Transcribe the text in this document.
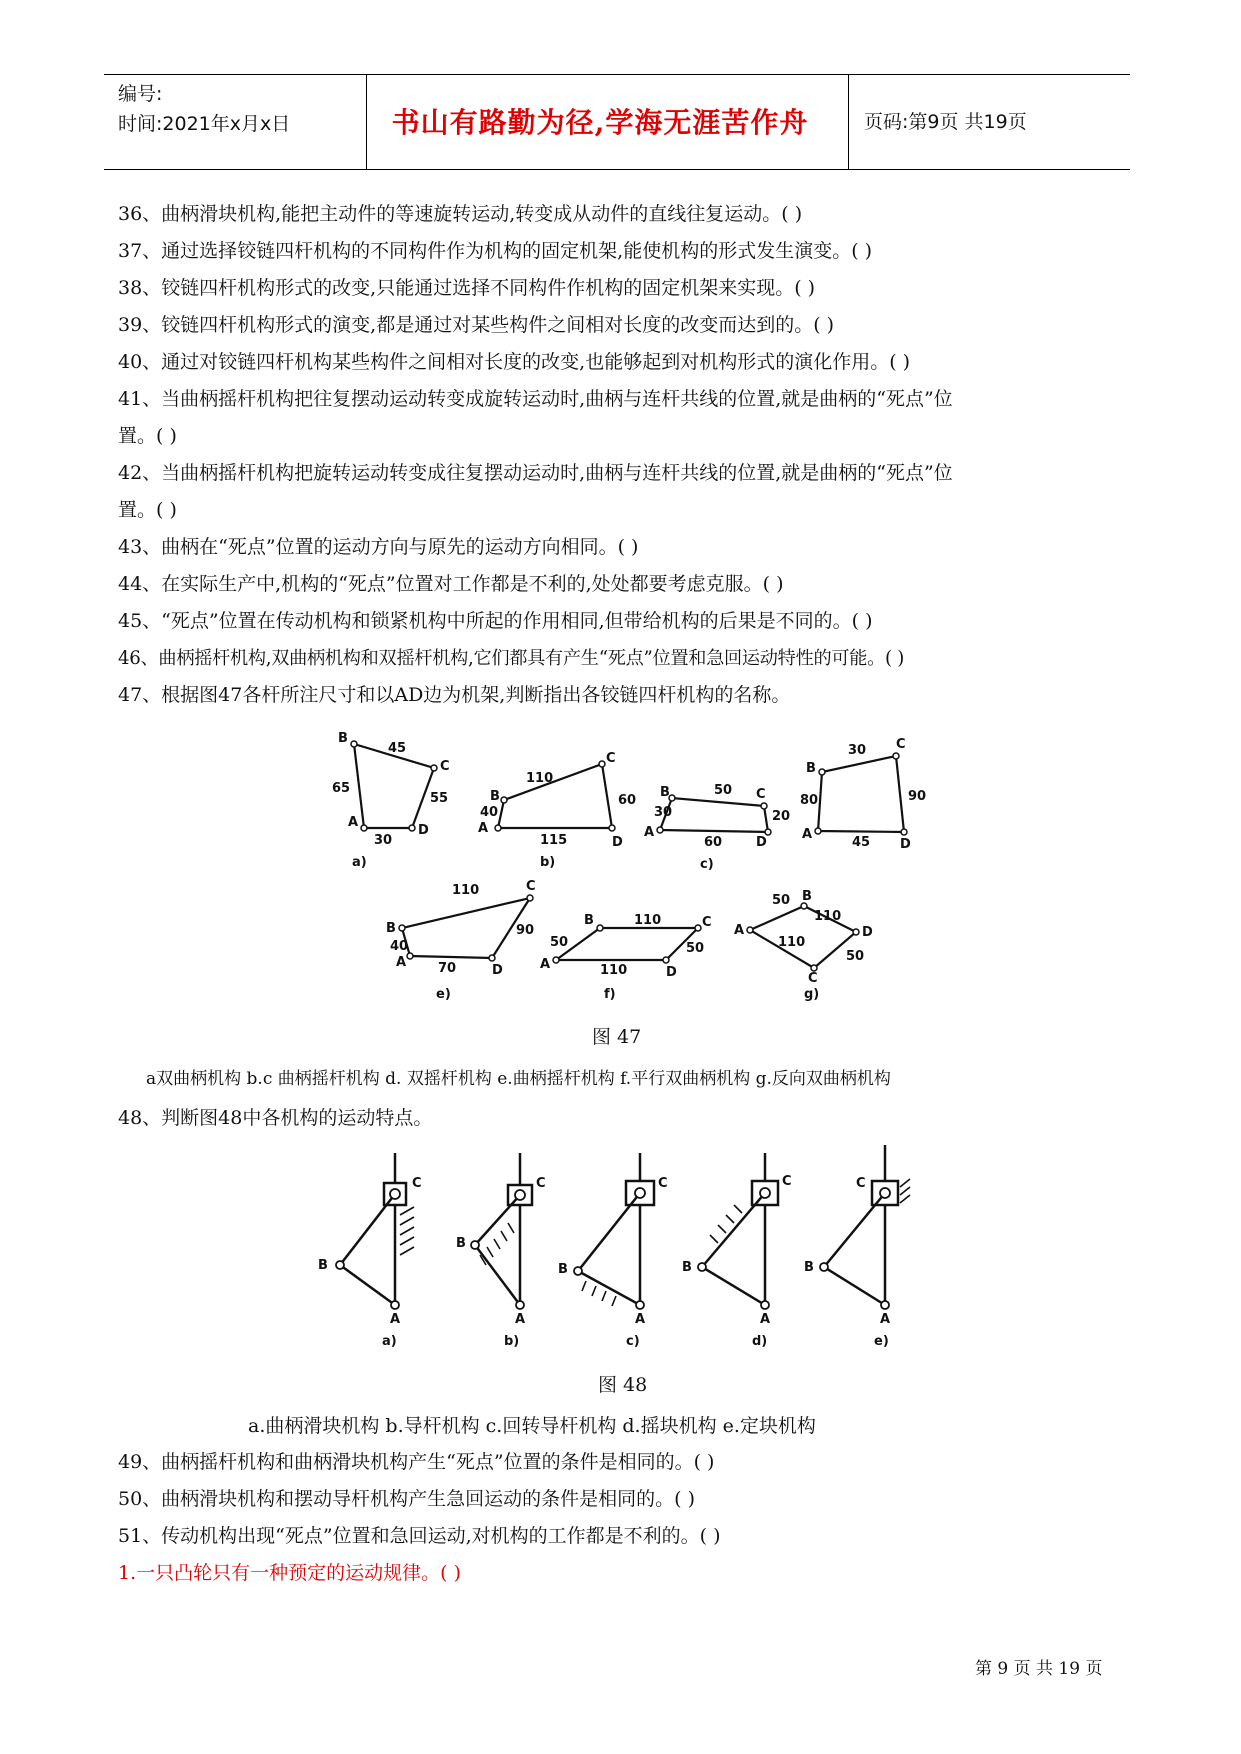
编号:
时间:2021年x月x日	书山有路勤为径,学海无涯苦作舟	页码:第9页 共19页
36、曲柄滑块机构,能把主动件的等速旋转运动,转变成从动件的直线往复运动。( )
37、通过选择铰链四杆机构的不同构件作为机构的固定机架,能使机构的形式发生演变。( )
38、铰链四杆机构形式的改变,只能通过选择不同构件作机构的固定机架来实现。( )
39、铰链四杆机构形式的演变,都是通过对某些构件之间相对长度的改变而达到的。( )
40、通过对铰链四杆机构某些构件之间相对长度的改变,也能够起到对机构形式的演化作用。( )
41、当曲柄摇杆机构把往复摆动运动转变成旋转运动时,曲柄与连杆共线的位置,就是曲柄的“死点”位
置。( )
42、当曲柄摇杆机构把旋转运动转变成往复摆动运动时,曲柄与连杆共线的位置,就是曲柄的“死点”位
置。( )
43、曲柄在“死点”位置的运动方向与原先的运动方向相同。( )
44、在实际生产中,机构的“死点”位置对工作都是不利的,处处都要考虑克服。( )
45、“死点”位置在传动机构和锁紧机构中所起的作用相同,但带给机构的后果是不同的。( )
46、曲柄摇杆机构,双曲柄机构和双摇杆机构,它们都具有产生“死点”位置和急回运动特性的可能。( )
47、根据图47各杆所注尺寸和以AD边为机架,判断指出各铰链四杆机构的名称。
B
45
C
65
55
A
30
D
a)
110
C
B
40
60
A
115	D
b)
B	50 C
30	20
A
60	D
c)
30 C
B
80	90
A
45 D
110	C
B	90
40
A 70	D
e)
B	110	C
50	50
A	110	D
f)
50 B
A
110
110
D
50
C
g)
图 47
a双曲柄机构 b.c 曲柄摇杆机构 d. 双摇杆机构 e.曲柄摇杆机构 f.平行双曲柄机构 g.反向双曲柄机构
48、判断图48中各机构的运动特点。
C
B
A
a)
C
B
A
b)
C
B
A
c)
C
B
A
d)
C
B
A
e)
图 48
a.曲柄滑块机构 b.导杆机构 c.回转导杆机构 d.摇块机构 e.定块机构
49、曲柄摇杆机构和曲柄滑块机构产生“死点”位置的条件是相同的。( )
50、曲柄滑块机构和摆动导杆机构产生急回运动的条件是相同的。( )
51、传动机构出现“死点”位置和急回运动,对机构的工作都是不利的。( )
1.一只凸轮只有一种预定的运动规律。( )
第 9 页 共 19 页
